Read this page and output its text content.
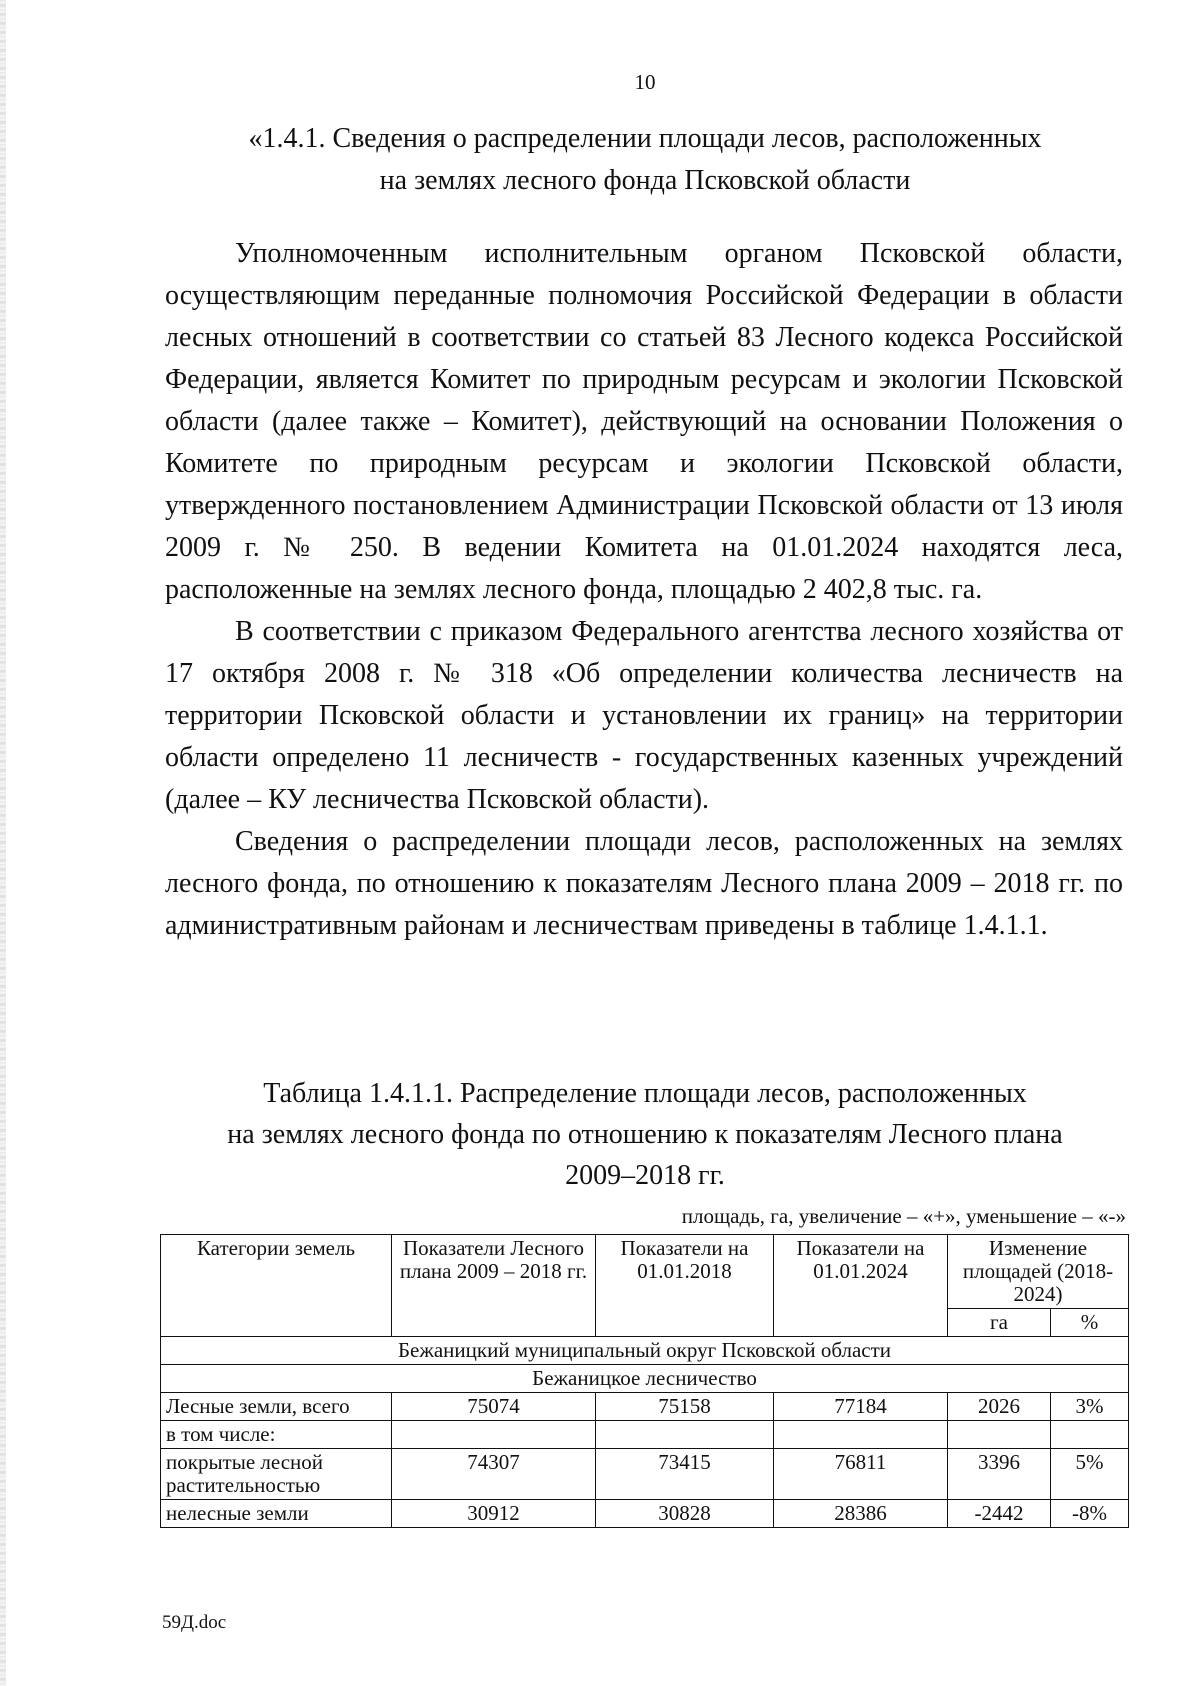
10
«1.4.1. Сведения о распределении площади лесов, расположенных
на землях лесного фонда Псковской области

Уполномоченным исполнительным органом Псковской области, осуществляющим переданные полномочия Российской Федерации в области лесных отношений в соответствии со статьей 83 Лесного кодекса Российской Федерации, является Комитет по природным ресурсам и экологии Псковской области (далее также – Комитет), действующий на основании Положения о Комитете по природным ресурсам и экологии Псковской области, утвержденного постановлением Администрации Псковской области от 13 июля 2009 г. № 250. В ведении Комитета на 01.01.2024 находятся леса, расположенные на землях лесного фонда, площадью 2 402,8 тыс. га.

В соответствии с приказом Федерального агентства лесного хозяйства от 17 октября 2008 г. № 318 «Об определении количества лесничеств на территории Псковской области и установлении их границ» на территории области определено 11 лесничеств - государственных казенных учреждений (далее – КУ лесничества Псковской области).

Сведения о распределении площади лесов, расположенных на землях лесного фонда, по отношению к показателям Лесного плана 2009 – 2018 гг. по административным районам и лесничествам приведены в таблице 1.4.1.1.

Таблица 1.4.1.1. Распределение площади лесов, расположенных
на землях лесного фонда по отношению к показателям Лесного плана
2009–2018 гг.
площадь, га, увеличение – «+», уменьшение – «-»
Категории земель	Показатели Лесного плана 2009 – 2018 гг.	Показатели на 01.01.2018	Показатели на 01.01.2024	Изменение площадей (2018-2024)	
				га	%
Бежаницкий муниципальный округ Псковской области					
Бежаницкое лесничество					
Лесные земли, всего	75074	75158	77184	2026	3%
в том числе:					
покрытые лесной растительностью	74307	73415	76811	3396	5%
нелесные земли	30912	30828	28386	-2442	-8%
59Д.doc
